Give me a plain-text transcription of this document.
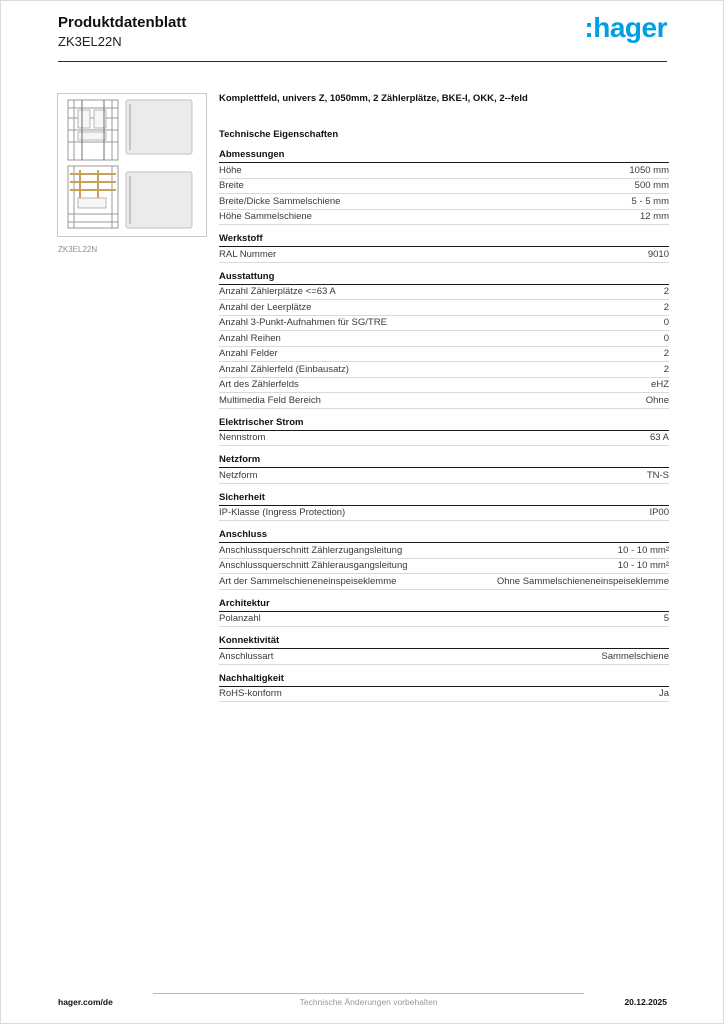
Produktdatenblatt
ZK3EL22N	:hager
ZK3EL22N
Komplettfeld, univers Z, 1050mm, 2 Zählerplätze, BKE-I, OKK, 2--feld
Technische Eigenschaften
Abmessungen
Höhe	1050 mm
Breite	500 mm
Breite/Dicke Sammelschiene	5 - 5 mm
Höhe Sammelschiene	12 mm
Werkstoff
RAL Nummer	9010
Ausstattung
Anzahl Zählerplätze <=63 A	2
Anzahl der Leerplätze	2
Anzahl 3-Punkt-Aufnahmen für SG/TRE	0
Anzahl Reihen	0
Anzahl Felder	2
Anzahl Zählerfeld (Einbausatz)	2
Art des Zählerfelds	eHZ
Multimedia Feld Bereich	Ohne
Elektrischer Strom
Nennstrom	63 A
Netzform
Netzform	TN-S
Sicherheit
IP-Klasse (Ingress Protection)	IP00
Anschluss
Anschlussquerschnitt Zählerzugangsleitung	10 - 10 mm²
Anschlussquerschnitt Zählerausgangsleitung	10 - 10 mm²
Art der Sammelschieneneinspeiseklemme	Ohne Sammelschieneneinspeiseklemme
Architektur
Polanzahl	5
Konnektivität
Anschlussart	Sammelschiene
Nachhaltigkeit
RoHS-konform	Ja
hager.com/de	Technische Änderungen vorbehalten	20.12.2025
